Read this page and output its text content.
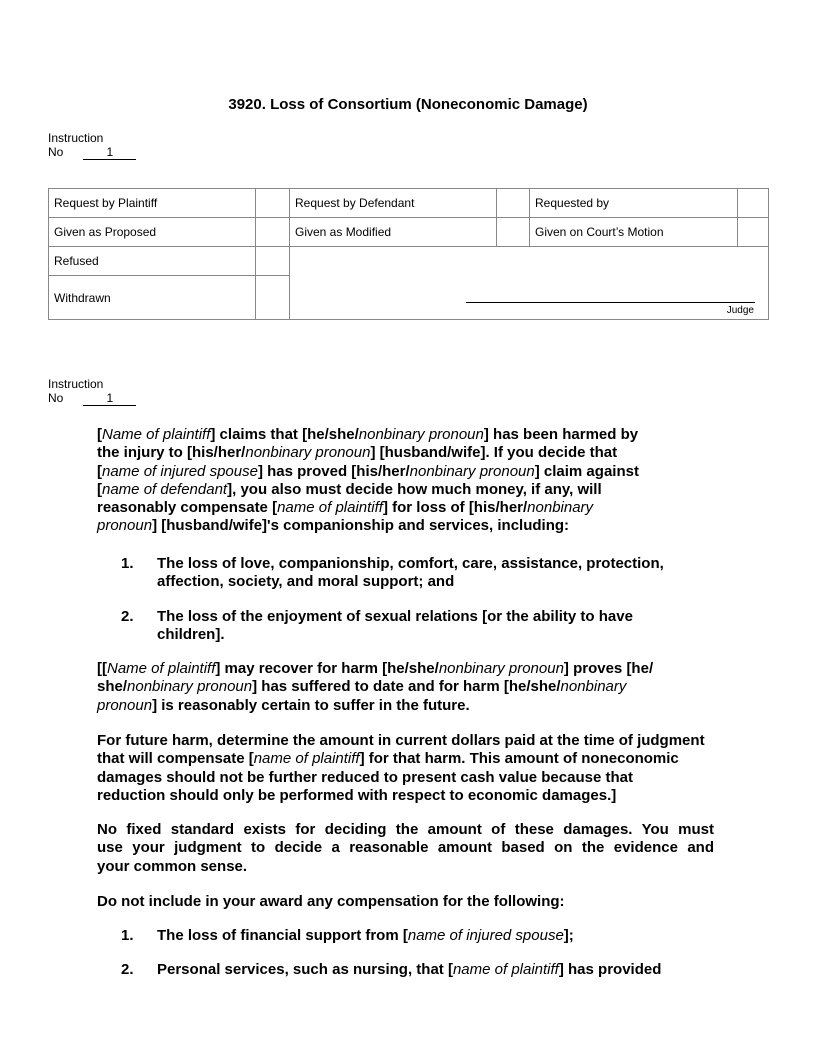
3920. Loss of Consortium (Noneconomic Damage)
Instruction
No	1
Request by Plaintiff		Request by Defendant		Requested by	
Given as Proposed		Given as Modified		Given on Court’s Motion	
Refused		Judge			

Withdrawn					
Instruction
No	1
[Name of plaintiff] claims that [he/she/nonbinary pronoun] has been harmed by
the injury to [his/her/nonbinary pronoun] [husband/wife]. If you decide that
[name of injured spouse] has proved [his/her/nonbinary pronoun] claim against
[name of defendant], you also must decide how much money, if any, will
reasonably compensate [name of plaintiff] for loss of [his/her/nonbinary
pronoun] [husband/wife]'s companionship and services, including:
1. The loss of love, companionship, comfort, care, assistance, protection,
affection, society, and moral support; and
2. The loss of the enjoyment of sexual relations [or the ability to have
children].
[[Name of plaintiff] may recover for harm [he/she/nonbinary pronoun] proves [he/
she/nonbinary pronoun] has suffered to date and for harm [he/she/nonbinary
pronoun] is reasonably certain to suffer in the future.
For future harm, determine the amount in current dollars paid at the time of judgment
that will compensate [name of plaintiff] for that harm. This amount of noneconomic
damages should not be further reduced to present cash value because that
reduction should only be performed with respect to economic damages.]
No fixed standard exists for deciding the amount of these damages. You must
use your judgment to decide a reasonable amount based on the evidence and
your common sense.
Do not include in your award any compensation for the following:
1. The loss of financial support from [name of injured spouse];
2. Personal services, such as nursing, that [name of plaintiff] has provided
